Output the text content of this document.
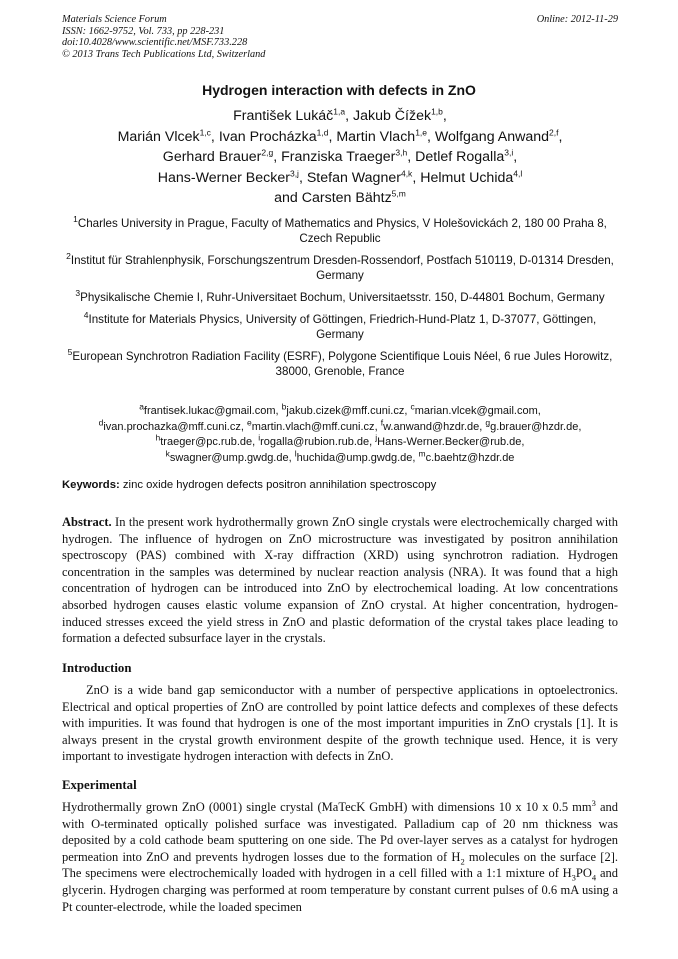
Materials Science Forum
ISSN: 1662-9752, Vol. 733, pp 228-231
doi:10.4028/www.scientific.net/MSF.733.228
© 2013 Trans Tech Publications Ltd, Switzerland
Online: 2012-11-29
Hydrogen interaction with defects in ZnO
František Lukáč$^{1,a}$, Jakub Čížek$^{1,b}$,
Marián Vlcek$^{1,c}$, Ivan Procházka$^{1,d}$, Martin Vlach$^{1,e}$, Wolfgang Anwand$^{2,f}$,
Gerhard Brauer$^{2,g}$, Franziska Traeger$^{3,h}$, Detlef Rogalla$^{3,i}$,
Hans-Werner Becker$^{3,j}$, Stefan Wagner$^{4,k}$, Helmut Uchida$^{4,l}$
and Carsten Bähtz$^{5,m}$
$^1$Charles University in Prague, Faculty of Mathematics and Physics, V Holešovickách 2, 180 00 Praha 8, Czech Republic
$^2$Institut für Strahlenphysik, Forschungszentrum Dresden-Rossendorf, Postfach 510119, D-01314 Dresden, Germany
$^3$Physikalische Chemie I, Ruhr-Universitaet Bochum, Universitaetsstr. 150, D-44801 Bochum, Germany
$^4$Institute for Materials Physics, University of Göttingen, Friedrich-Hund-Platz 1, D-37077, Göttingen, Germany
$^5$European Synchrotron Radiation Facility (ESRF), Polygone Scientifique Louis Néel, 6 rue Jules Horowitz, 38000, Grenoble, France
$^a$frantisek.lukac@gmail.com, $^b$jakub.cizek@mff.cuni.cz, $^c$marian.vlcek@gmail.com,
$^d$ivan.prochazka@mff.cuni.cz, $^e$martin.vlach@mff.cuni.cz, $^f$w.anwand@hzdr.de, $^g$g.brauer@hzdr.de,
$^h$traeger@pc.rub.de, $^i$rogalla@rubion.rub.de, $^j$Hans-Werner.Becker@rub.de,
$^k$swagner@ump.gwdg.de, $^l$huchida@ump.gwdg.de, $^m$c.baehtz@hzdr.de
Keywords: zinc oxide hydrogen defects positron annihilation spectroscopy
Abstract. In the present work hydrothermally grown ZnO single crystals were electrochemically charged with hydrogen. The influence of hydrogen on ZnO microstructure was investigated by positron annihilation spectroscopy (PAS) combined with X-ray diffraction (XRD) using synchrotron radiation. Hydrogen concentration in the samples was determined by nuclear reaction analysis (NRA). It was found that a high concentration of hydrogen can be introduced into ZnO by electrochemical loading. At low concentrations absorbed hydrogen causes elastic volume expansion of ZnO crystal. At higher concentration, hydrogen-induced stresses exceed the yield stress in ZnO and plastic deformation of the crystal takes place leading to formation a defected subsurface layer in the crystals.
Introduction
ZnO is a wide band gap semiconductor with a number of perspective applications in optoelectronics. Electrical and optical properties of ZnO are controlled by point lattice defects and complexes of these defects with impurities. It was found that hydrogen is one of the most important impurities in ZnO crystals [1]. It is always present in the crystal growth environment despite of the growth technique used. Hence, it is very important to investigate hydrogen interaction with defects in ZnO.
Experimental
Hydrothermally grown ZnO (0001) single crystal (MaTecK GmbH) with dimensions 10 x 10 x 0.5 $mm^3$ and with O-terminated optically polished surface was investigated. Palladium cap of 20 nm thickness was deposited by a cold cathode beam sputtering on one side. The Pd over-layer serves as a catalyst for hydrogen permeation into ZnO and prevents hydrogen losses due to the formation of $H_2$ molecules on the surface [2]. The specimens were electrochemically loaded with hydrogen in a cell filled with a 1:1 mixture of $H_3PO_4$ and glycerin. Hydrogen charging was performed at room temperature by constant current pulses of 0.6 mA using a Pt counter-electrode, while the loaded specimen
